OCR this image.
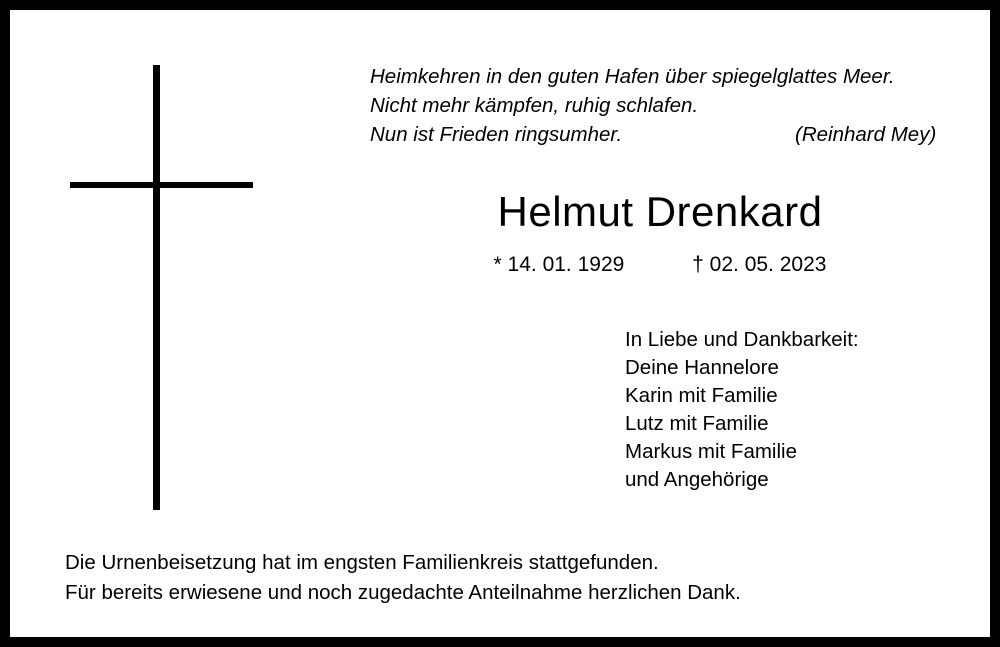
Heimkehren in den guten Hafen über spiegelglattes Meer.
Nicht mehr kämpfen, ruhig schlafen.
Nun ist Frieden ringsumher.	(Reinhard Mey)
Helmut Drenkard
* 14. 01. 1929	† 02. 05. 2023
In Liebe und Dankbarkeit:
Deine Hannelore
Karin mit Familie
Lutz mit Familie
Markus mit Familie
und Angehörige
Die Urnenbeisetzung hat im engsten Familienkreis stattgefunden.
Für bereits erwiesene und noch zugedachte Anteilnahme herzlichen Dank.
